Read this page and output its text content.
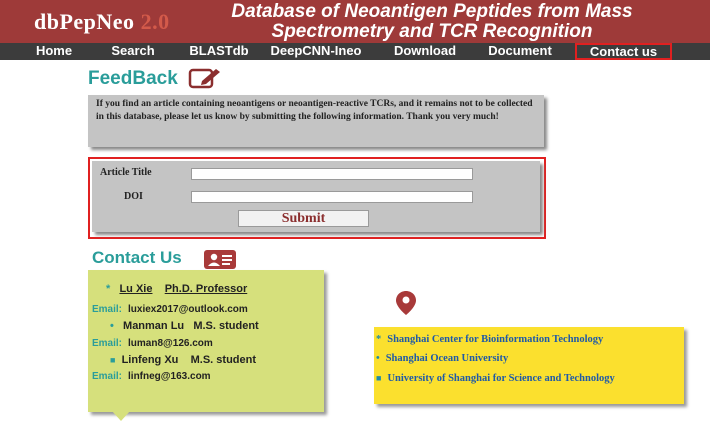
dbPepNeo 2.0	Database of Neoantigen Peptides from Mass
Spectrometry and TCR Recognition
Home	Search	BLASTdb	DeepCNN-Ineo	Download	Document	Contact us
FeedBack
If you find an article containing neoantigens or neoantigen-reactive TCRs, and it remains not to be collected in this database, please let us know by submitting the following information. Thank you very much!
Article Title
DOI
Submit
Contact Us
* Lu Xie Ph.D. Professor
Email: luxiex2017@outlook.com
• Manman Lu M.S. student
Email: luman8@126.com
■ Linfeng Xu M.S. student
Email: linfneg@163.com
* Shanghai Center for Bioinformation Technology
• Shanghai Ocean University
■ University of Shanghai for Science and Technology
